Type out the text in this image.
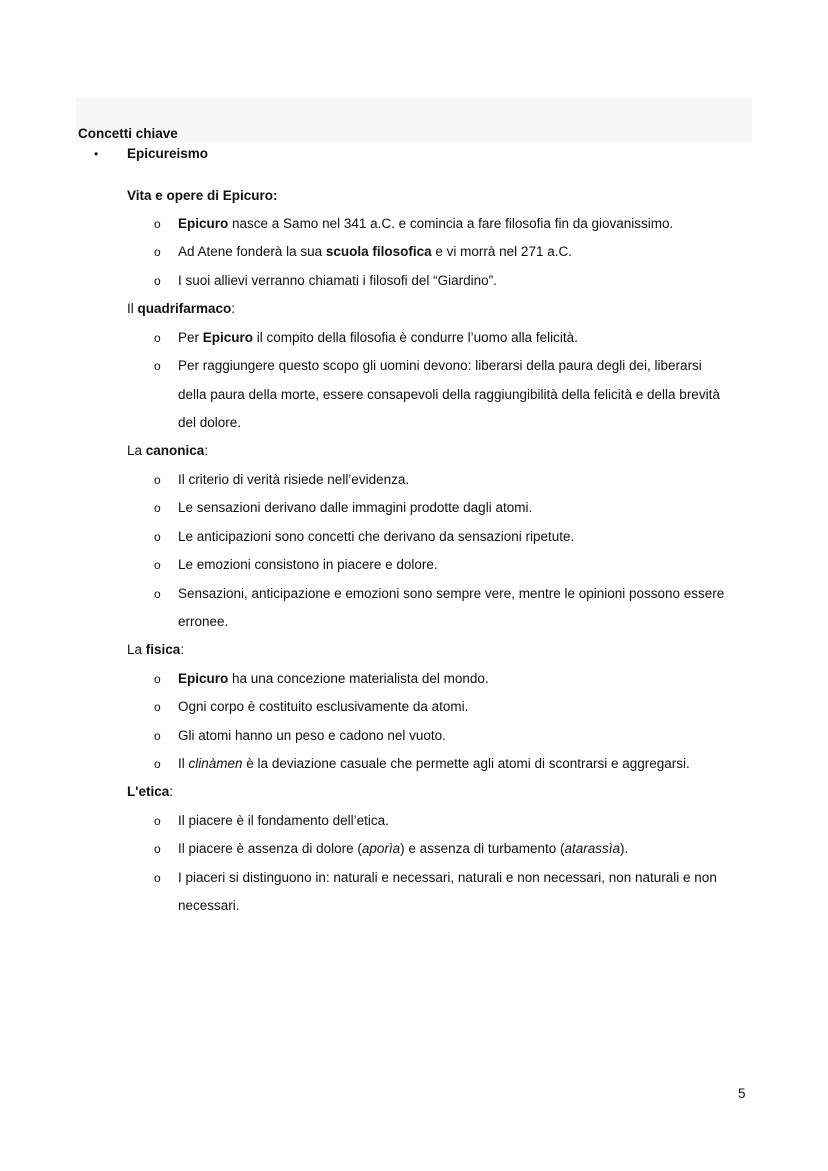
Concetti chiave
• Epicureismo
Vita e opere di Epicuro:
o Epicuro nasce a Samo nel 341 a.C. e comincia a fare filosofia fin da giovanissimo.
o Ad Atene fonderà la sua scuola filosofica e vi morrà nel 271 a.C.
o I suoi allievi verranno chiamati i filosofi del “Giardino”.
Il quadrifarmaco:
o Per Epicuro il compito della filosofia è condurre l’uomo alla felicità.
o Per raggiungere questo scopo gli uomini devono: liberarsi della paura degli dei, liberarsi
della paura della morte, essere consapevoli della raggiungibilità della felicità e della brevità
del dolore.
La canonica:
o Il criterio di verità risiede nell’evidenza.
o Le sensazioni derivano dalle immagini prodotte dagli atomi.
o Le anticipazioni sono concetti che derivano da sensazioni ripetute.
o Le emozioni consistono in piacere e dolore.
o Sensazioni, anticipazione e emozioni sono sempre vere, mentre le opinioni possono essere
erronee.
La fisica:
o Epicuro ha una concezione materialista del mondo.
o Ogni corpo è costituito esclusivamente da atomi.
o Gli atomi hanno un peso e cadono nel vuoto.
o Il clinàmen è la deviazione casuale che permette agli atomi di scontrarsi e aggregarsi.
L'etica:
o Il piacere è il fondamento dell’etica.
o Il piacere è assenza di dolore (aporìa) e assenza di turbamento (atarassìa).
o I piaceri si distinguono in: naturali e necessari, naturali e non necessari, non naturali e non
necessari.
5
